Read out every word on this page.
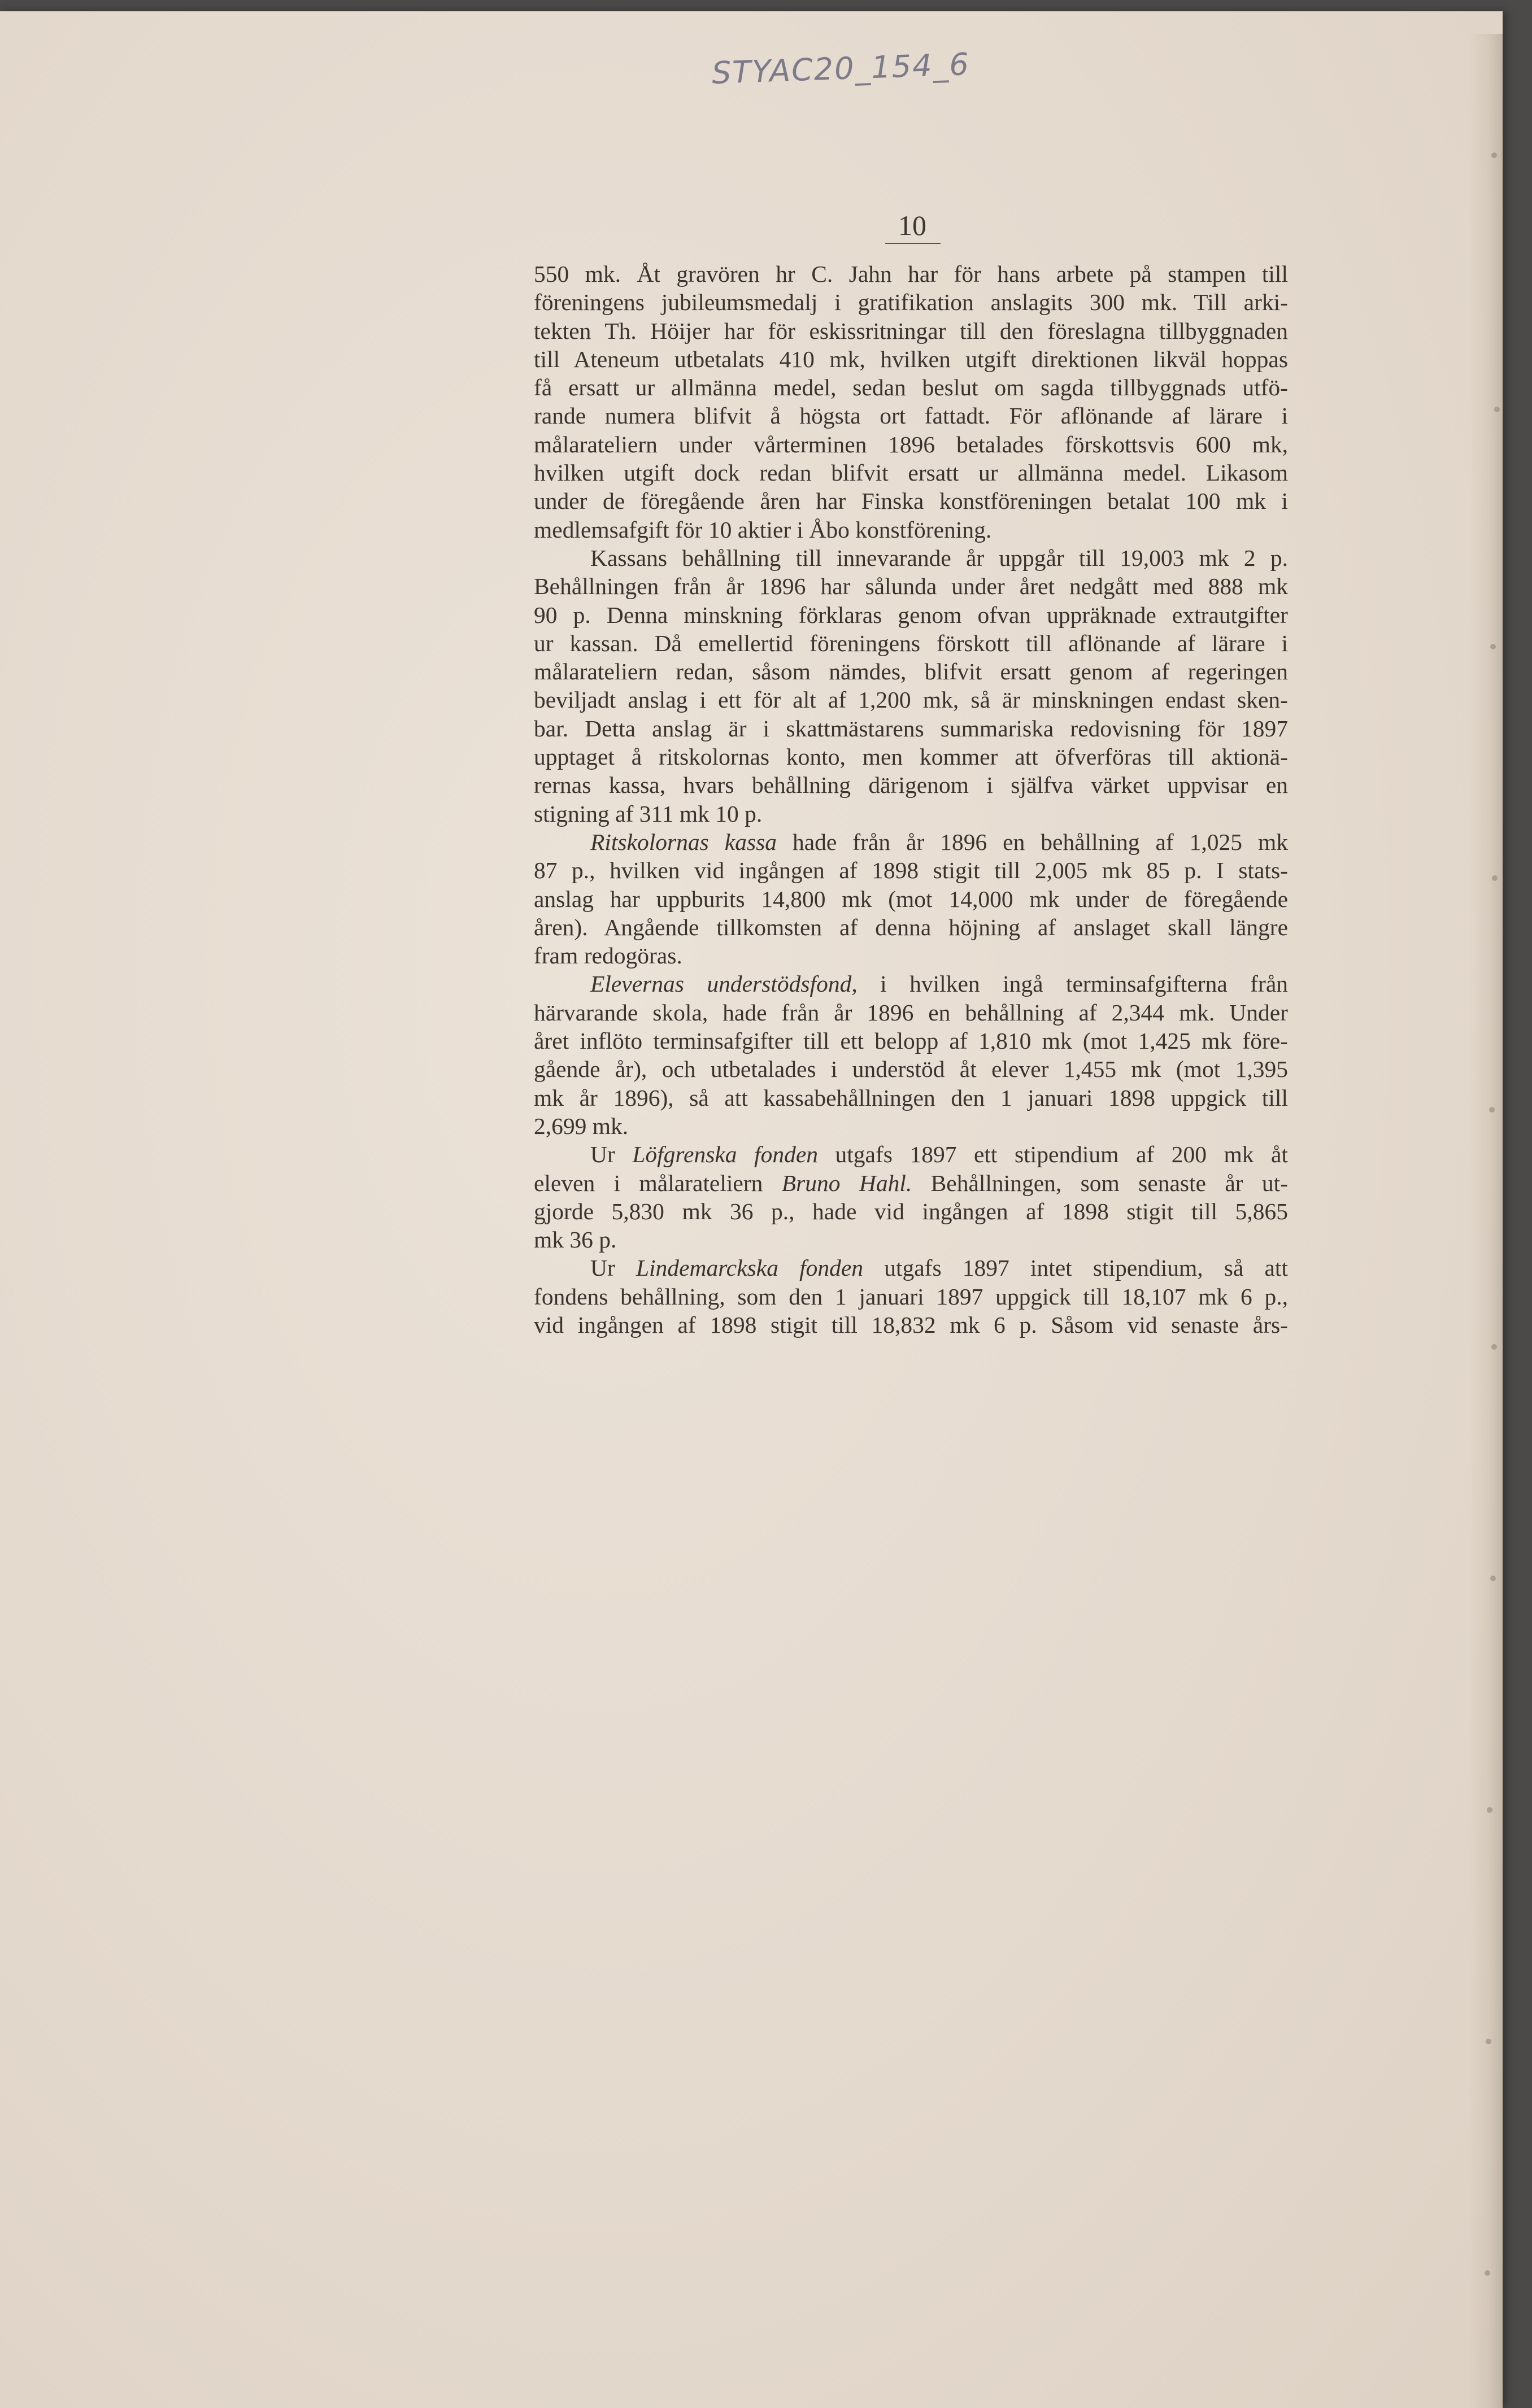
STYAC20_154_6
10
550 mk. Åt gravören hr C. Jahn har för hans arbete på stampen till
föreningens jubileumsmedalj i gratifikation anslagits 300 mk. Till arki-
tekten Th. Höijer har för eskissritningar till den föreslagna tillbyggnaden
till Ateneum utbetalats 410 mk, hvilken utgift direktionen likväl hoppas
få ersatt ur allmänna medel, sedan beslut om sagda tillbyggnads utfö-
rande numera blifvit å högsta ort fattadt. För aflönande af lärare i
målarateliern under vårterminen 1896 betalades förskottsvis 600 mk,
hvilken utgift dock redan blifvit ersatt ur allmänna medel. Likasom
under de föregående åren har Finska konstföreningen betalat 100 mk i
medlemsafgift för 10 aktier i Åbo konstförening.
Kassans behållning till innevarande år uppgår till 19,003 mk 2 p.
Behållningen från år 1896 har sålunda under året nedgått med 888 mk
90 p. Denna minskning förklaras genom ofvan uppräknade extrautgifter
ur kassan. Då emellertid föreningens förskott till aflönande af lärare i
målarateliern redan, såsom nämdes, blifvit ersatt genom af regeringen
beviljadt anslag i ett för alt af 1,200 mk, så är minskningen endast sken-
bar. Detta anslag är i skattmästarens summariska redovisning för 1897
upptaget å ritskolornas konto, men kommer att öfverföras till aktionä-
rernas kassa, hvars behållning därigenom i själfva värket uppvisar en
stigning af 311 mk 10 p.
Ritskolornas kassa hade från år 1896 en behållning af 1,025 mk
87 p., hvilken vid ingången af 1898 stigit till 2,005 mk 85 p. I stats-
anslag har uppburits 14,800 mk (mot 14,000 mk under de föregående
åren). Angående tillkomsten af denna höjning af anslaget skall längre
fram redogöras.
Elevernas understödsfond, i hvilken ingå terminsafgifterna från
härvarande skola, hade från år 1896 en behållning af 2,344 mk. Under
året inflöto terminsafgifter till ett belopp af 1,810 mk (mot 1,425 mk före-
gående år), och utbetalades i understöd åt elever 1,455 mk (mot 1,395
mk år 1896), så att kassabehållningen den 1 januari 1898 uppgick till
2,699 mk.
Ur Löfgrenska fonden utgafs 1897 ett stipendium af 200 mk åt
eleven i målarateliern Bruno Hahl. Behållningen, som senaste år ut-
gjorde 5,830 mk 36 p., hade vid ingången af 1898 stigit till 5,865
mk 36 p.
Ur Lindemarckska fonden utgafs 1897 intet stipendium, så att
fondens behållning, som den 1 januari 1897 uppgick till 18,107 mk 6 p.,
vid ingången af 1898 stigit till 18,832 mk 6 p. Såsom vid senaste års-
